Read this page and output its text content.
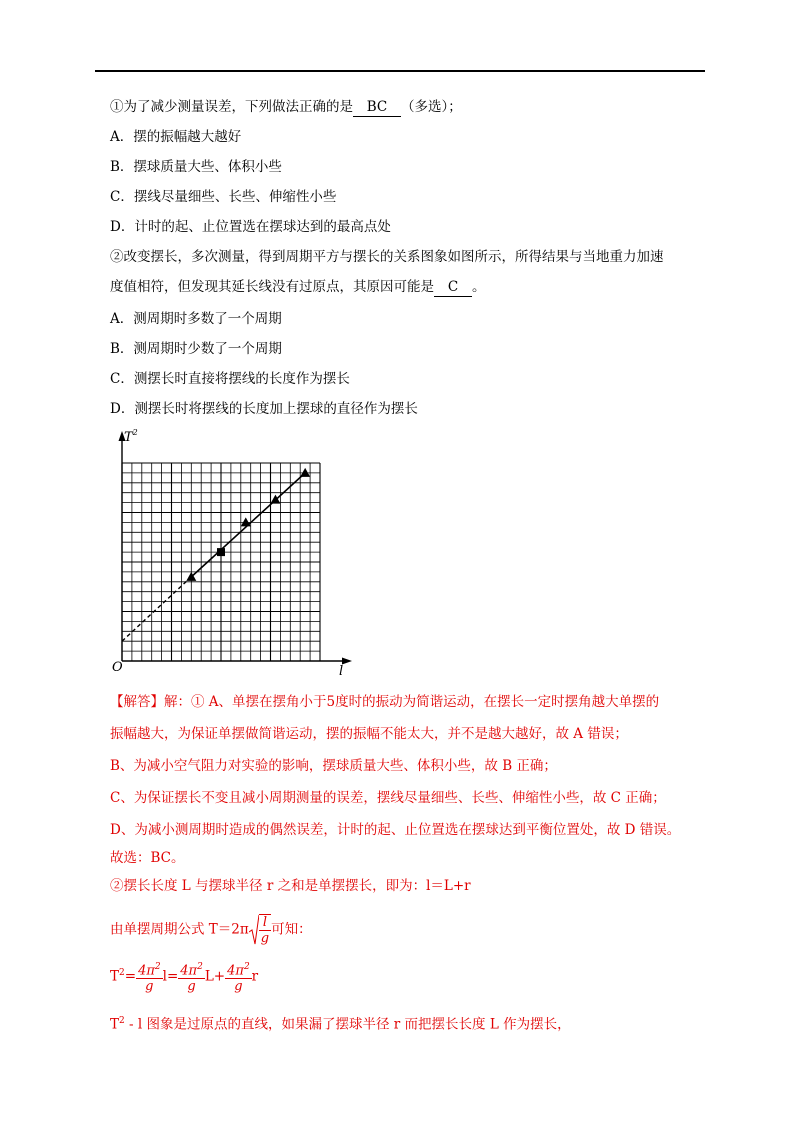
①为了减少测量误差，下列做法正确的是 BC （多选）；
A．摆的振幅越大越好
B．摆球质量大些、体积小些
C．摆线尽量细些、长些、伸缩性小些
D．计时的起、止位置选在摆球达到的最高点处
②改变摆长，多次测量，得到周期平方与摆长的关系图象如图所示，所得结果与当地重力加速
度值相符，但发现其延长线没有过原点，其原因可能是 C 。
A．测周期时多数了一个周期
B．测周期时少数了一个周期
C．测摆长时直接将摆线的长度作为摆长
D．测摆长时将摆线的长度加上摆球的直径作为摆长
$T^2$
l
O
【解答】解：① A、单摆在摆角小于5度时的振动为简谐运动，在摆长一定时摆角越大单摆的
振幅越大，为保证单摆做简谐运动，摆的振幅不能太大，并不是越大越好，故 A 错误；
B、为减小空气阻力对实验的影响，摆球质量大些、体积小些，故 B 正确；
C、为保证摆长不变且减小周期测量的误差，摆线尽量细些、长些、伸缩性小些，故 C 正确；
D、为减小测周期时造成的偶然误差，计时的起、止位置选在摆球达到平衡位置处，故 D 错误。
故选：BC。
②摆长长度 L 与摆球半径 r 之和是单摆摆长，即为：l＝L+r
由单摆周期公式 $T=2\pi \frac{l}{g}$ 可知：
$T^2= \frac{4\pi^2}{g} l= \frac{4\pi^2}{g} L+ \frac{4\pi^2}{g}$ r
$T^2$ - l 图象是过原点的直线，如果漏了摆球半径 r 而把摆长长度 L 作为摆长，
